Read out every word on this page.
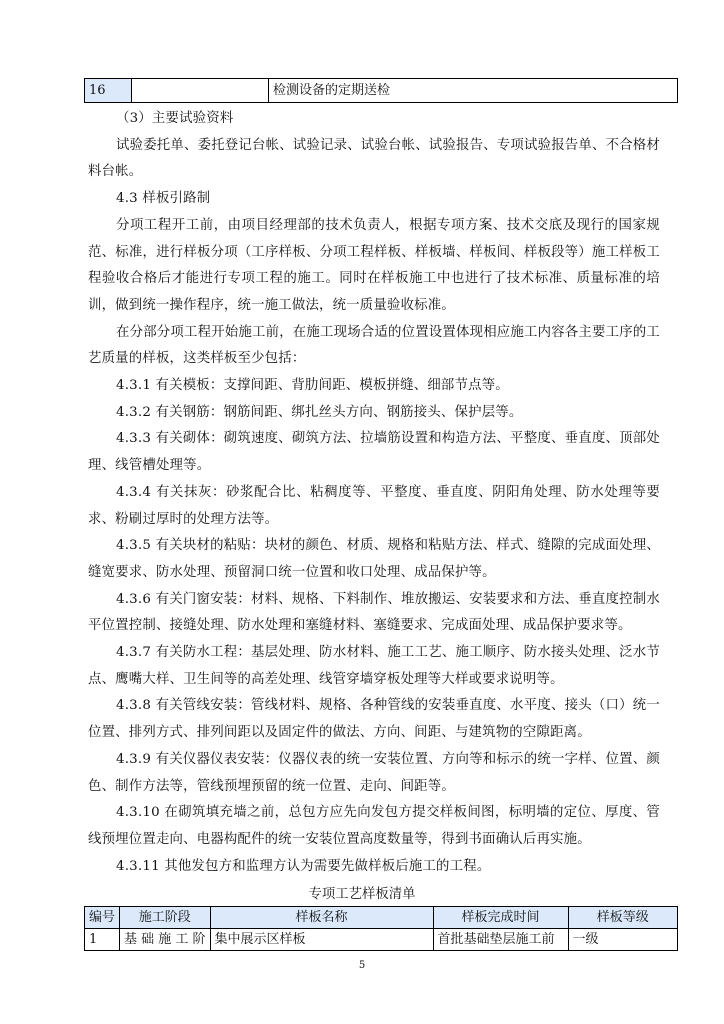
16		检测设备的定期送检

（3）主要试验资料

试验委托单、委托登记台帐、试验记录、试验台帐、试验报告、专项试验报告单、不合格材料台帐。

4.3 样板引路制

分项工程开工前，由项目经理部的技术负责人，根据专项方案、技术交底及现行的国家规范、标准，进行样板分项（工序样板、分项工程样板、样板墙、样板间、样板段等）施工样板工程验收合格后才能进行专项工程的施工。同时在样板施工中也进行了技术标准、质量标准的培训，做到统一操作程序，统一施工做法，统一质量验收标准。

在分部分项工程开始施工前，在施工现场合适的位置设置体现相应施工内容各主要工序的工艺质量的样板，这类样板至少包括：

4.3.1 有关模板：支撑间距、背肋间距、模板拼缝、细部节点等。

4.3.2 有关钢筋：钢筋间距、绑扎丝头方向、钢筋接头、保护层等。

4.3.3 有关砌体：砌筑速度、砌筑方法、拉墙筋设置和构造方法、平整度、垂直度、顶部处理、线管槽处理等。

4.3.4 有关抹灰：砂浆配合比、粘稠度等、平整度、垂直度、阴阳角处理、防水处理等要求、粉刷过厚时的处理方法等。

4.3.5 有关块材的粘贴：块材的颜色、材质、规格和粘贴方法、样式、缝隙的完成面处理、缝宽要求、防水处理、预留洞口统一位置和收口处理、成品保护等。

4.3.6 有关门窗安装：材料、规格、下料制作、堆放搬运、安装要求和方法、垂直度控制水平位置控制、接缝处理、防水处理和塞缝材料、塞缝要求、完成面处理、成品保护要求等。

4.3.7 有关防水工程：基层处理、防水材料、施工工艺、施工顺序、防水接头处理、泛水节点、鹰嘴大样、卫生间等的高差处理、线管穿墙穿板处理等大样或要求说明等。

4.3.8 有关管线安装：管线材料、规格、各种管线的安装垂直度、水平度、接头（口）统一位置、排列方式、排列间距以及固定件的做法、方向、间距、与建筑物的空隙距离。

4.3.9 有关仪器仪表安装：仪器仪表的统一安装位置、方向等和标示的统一字样、位置、颜色、制作方法等，管线预埋预留的统一位置、走向、间距等。

4.3.10 在砌筑填充墙之前，总包方应先向发包方提交样板间图，标明墙的定位、厚度、管线预埋位置走向、电器构配件的统一安装位置高度数量等，得到书面确认后再实施。

4.3.11 其他发包方和监理方认为需要先做样板后施工的工程。

专项工艺样板清单
编号	施工阶段	样板名称	样板完成时间	样板等级
1	基 础 施 工 阶	集中展示区样板	首批基础垫层施工前	一级
5
